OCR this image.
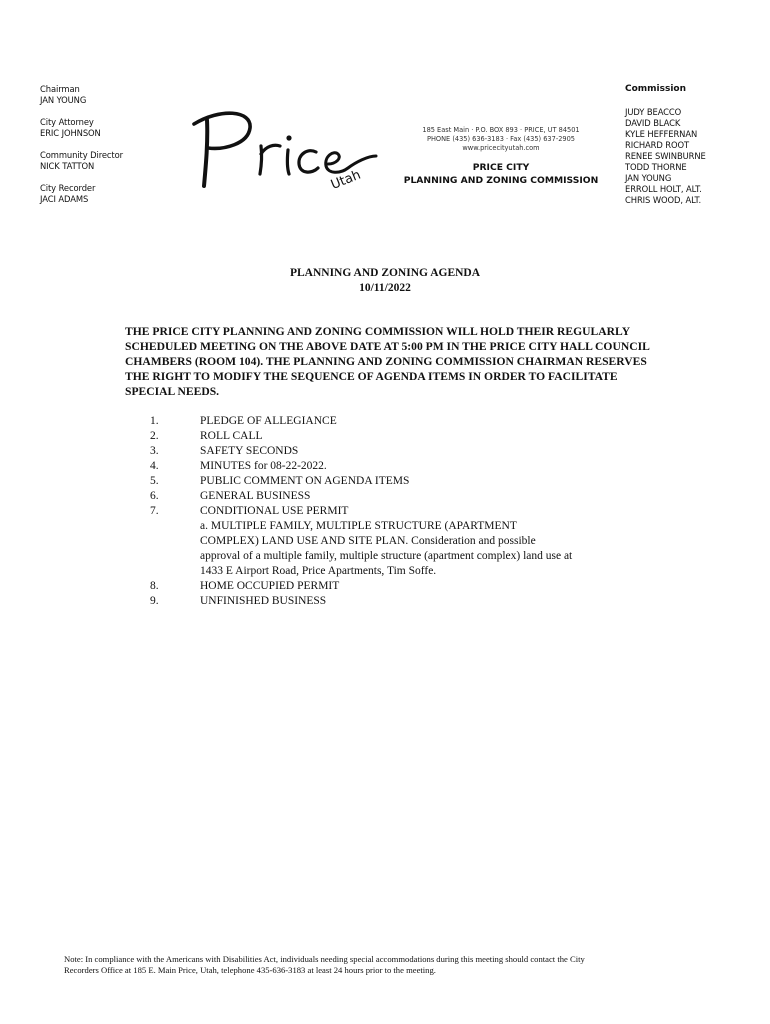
Chairman
JAN YOUNG
City Attorney
ERIC JOHNSON
Community Director
NICK TATTON
City Recorder
JACI ADAMS
Utah
185 East Main · P.O. BOX 893 · PRICE, UT 84501
PHONE (435) 636-3183 · Fax (435) 637-2905
www.pricecityutah.com
PRICE CITY
PLANNING AND ZONING COMMISSION
Commission
JUDY BEACCO
DAVID BLACK
KYLE HEFFERNAN
RICHARD ROOT
RENEE SWINBURNE
TODD THORNE
JAN YOUNG
ERROLL HOLT, ALT.
CHRIS WOOD, ALT.
PLANNING AND ZONING AGENDA
10/11/2022
THE PRICE CITY PLANNING AND ZONING COMMISSION WILL HOLD THEIR REGULARLY
SCHEDULED MEETING ON THE ABOVE DATE AT 5:00 PM IN THE PRICE CITY HALL COUNCIL
CHAMBERS (ROOM 104). THE PLANNING AND ZONING COMMISSION CHAIRMAN RESERVES
THE RIGHT TO MODIFY THE SEQUENCE OF AGENDA ITEMS IN ORDER TO FACILITATE
SPECIAL NEEDS.
1.	PLEDGE OF ALLEGIANCE
2.	ROLL CALL
3.	SAFETY SECONDS
4.	MINUTES for 08-22-2022.
5.	PUBLIC COMMENT ON AGENDA ITEMS
6.	GENERAL BUSINESS
7.	CONDITIONAL USE PERMIT
a. MULTIPLE FAMILY, MULTIPLE STRUCTURE (APARTMENT
COMPLEX) LAND USE AND SITE PLAN. Consideration and possible
approval of a multiple family, multiple structure (apartment complex) land use at
1433 E Airport Road, Price Apartments, Tim Soffe.
8.	HOME OCCUPIED PERMIT
9.	UNFINISHED BUSINESS
Note: In compliance with the Americans with Disabilities Act, individuals needing special accommodations during this meeting should contact the City
Recorders Office at 185 E. Main Price, Utah, telephone 435-636-3183 at least 24 hours prior to the meeting.
